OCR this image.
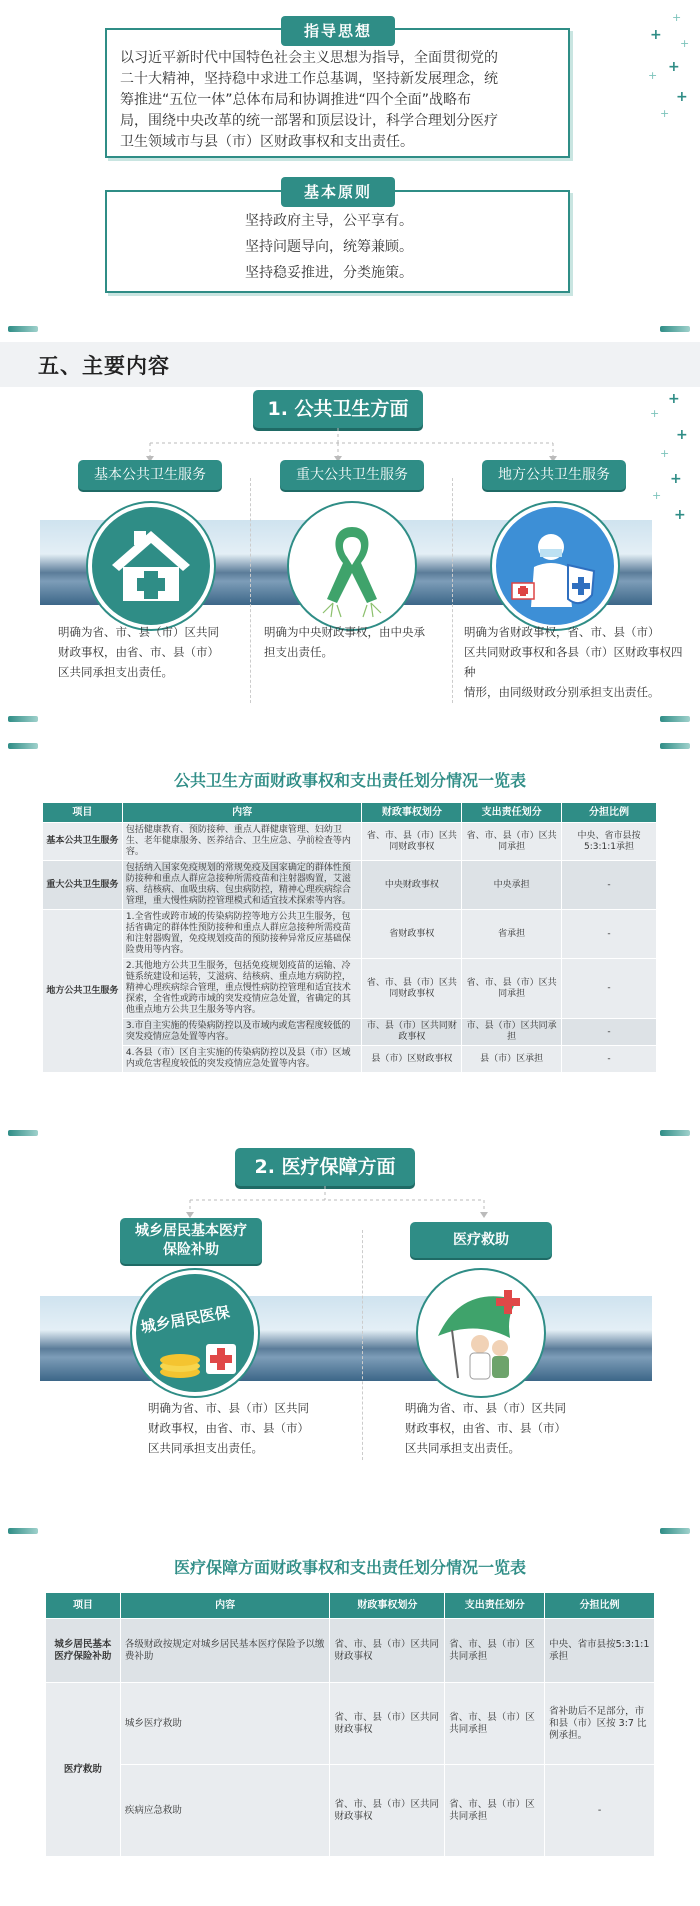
+
+
+
+
+
+
+
指导思想
以习近平新时代中国特色社会主义思想为指导，全面贯彻党的
二十大精神，坚持稳中求进工作总基调，坚持新发展理念，统
筹推进“五位一体”总体布局和协调推进“四个全面”战略布
局，围绕中央改革的统一部署和顶层设计，科学合理划分医疗
卫生领域市与县（市）区财政事权和支出责任。
基本原则
坚持政府主导，公平享有。
坚持问题导向，统筹兼顾。
坚持稳妥推进，分类施策。
五、主要内容
+
+
+
+
+
+
+
1. 公共卫生方面
基本公共卫生服务
明确为省、市、县（市）区共同
财政事权，由省、市、县（市）
区共同承担支出责任。
重大公共卫生服务
明确为中央财政事权，由中央承
担支出责任。
地方公共卫生服务
明确为省财政事权，省、市、县（市）
区共同财政事权和各县（市）区财政事权四种
情形，由同级财政分别承担支出责任。
公共卫生方面财政事权和支出责任划分情况一览表
项目	内容	财政事权划分	支出责任划分	分担比例
基本公共卫生服务	包括健康教育、预防接种、重点人群健康管理、妇幼卫生、老年健康服务、医养结合、卫生应急、孕前检查等内容。	省、市、县（市）区共同财政事权	省、市、县（市）区共同承担	中央、省市县按5:3:1:1承担
重大公共卫生服务	包括纳入国家免疫规划的常规免疫及国家确定的群体性预防接种和重点人群应急接种所需疫苗和注射器购置，艾滋病、结核病、血吸虫病、包虫病防控，精神心理疾病综合管理，重大慢性病防控管理模式和适宜技术探索等内容。	中央财政事权	中央承担	-
地方公共卫生服务	1.全省性或跨市域的传染病防控等地方公共卫生服务，包括省确定的群体性预防接种和重点人群应急接种所需疫苗和注射器购置，免疫规划疫苗的预防接种异常反应基础保险费用等内容。	省财政事权	省承担	-
	2.其他地方公共卫生服务，包括免疫规划疫苗的运输、冷链系统建设和运转，艾滋病、结核病、重点地方病防控，精神心理疾病综合管理，重点慢性病防控管理和适宜技术探索，全省性或跨市域的突发疫情应急处置，省确定的其他重点地方公共卫生服务等内容。	省、市、县（市）区共同财政事权	省、市、县（市）区共同承担	-
	3.市自主实施的传染病防控以及市域内或危害程度较低的突发疫情应急处置等内容。	市、县（市）区共同财政事权	市、县（市）区共同承担	-
	4.各县（市）区自主实施的传染病防控以及县（市）区域内或危害程度较低的突发疫情应急处置等内容。	县（市）区财政事权	县（市）区承担	-
2. 医疗保障方面
城乡居民基本医疗
保险补助
城乡居民医保
明确为省、市、县（市）区共同
财政事权，由省、市、县（市）
区共同承担支出责任。
医疗救助
明确为省、市、县（市）区共同
财政事权，由省、市、县（市）
区共同承担支出责任。
医疗保障方面财政事权和支出责任划分情况一览表
项目	内容	财政事权划分	支出责任划分	分担比例
城乡居民基本医疗保险补助	各级财政按规定对城乡居民基本医疗保险予以缴费补助	省、市、县（市）区共同财政事权	省、市、县（市）区共同承担	中央、省市县按5:3:1:1承担
医疗救助	城乡医疗救助	省、市、县（市）区共同财政事权	省、市、县（市）区共同承担	省补助后不足部分，市和县（市）区按 3:7 比例承担。
	疾病应急救助	省、市、县（市）区共同财政事权	省、市、县（市）区共同承担	-
